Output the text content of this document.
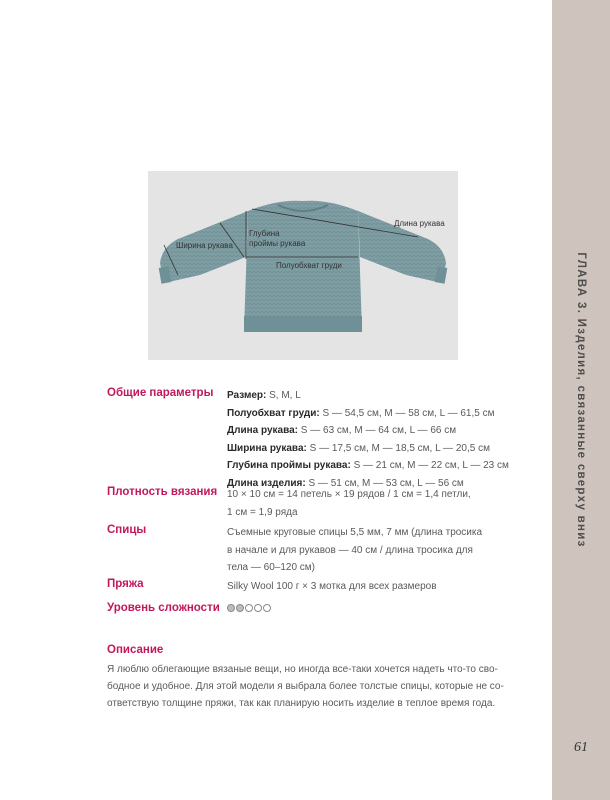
ГЛАВА 3. Изделия, связанные сверху вниз
61
Длина рукава
Ширина рукава
Глубина
проймы рукава
Полуобхват груди
Общие параметры	Размер: S, M, L
Полуобхват груди: S — 54,5 см, M — 58 см, L — 61,5 см
Длина рукава: S — 63 см, M — 64 см, L — 66 см
Ширина рукава: S — 17,5 см, M — 18,5 см, L — 20,5 см
Глубина проймы рукава: S — 21 см, M — 22 см, L — 23 см
Длина изделия: S — 51 см, M — 53 см, L — 56 см
Плотность вязания 10 × 10 см = 14 петель × 19 рядов / 1 см = 1,4 петли,
1 см = 1,9 ряда
Спицы	Съемные круговые спицы 5,5 мм, 7 мм (длина тросика
в начале и для рукавов — 40 см / длина тросика для
тела — 60–120 см)
Пряжа	Silky Wool 100 г × 3 мотка для всех размеров
Уровень сложности
Описание
Я люблю облегающие вязаные вещи, но иногда все-таки хочется надеть что-то сво-
бодное и удобное. Для этой модели я выбрала более толстые спицы, которые не со-
ответствую толщине пряжи, так как планирую носить изделие в теплое время года.
